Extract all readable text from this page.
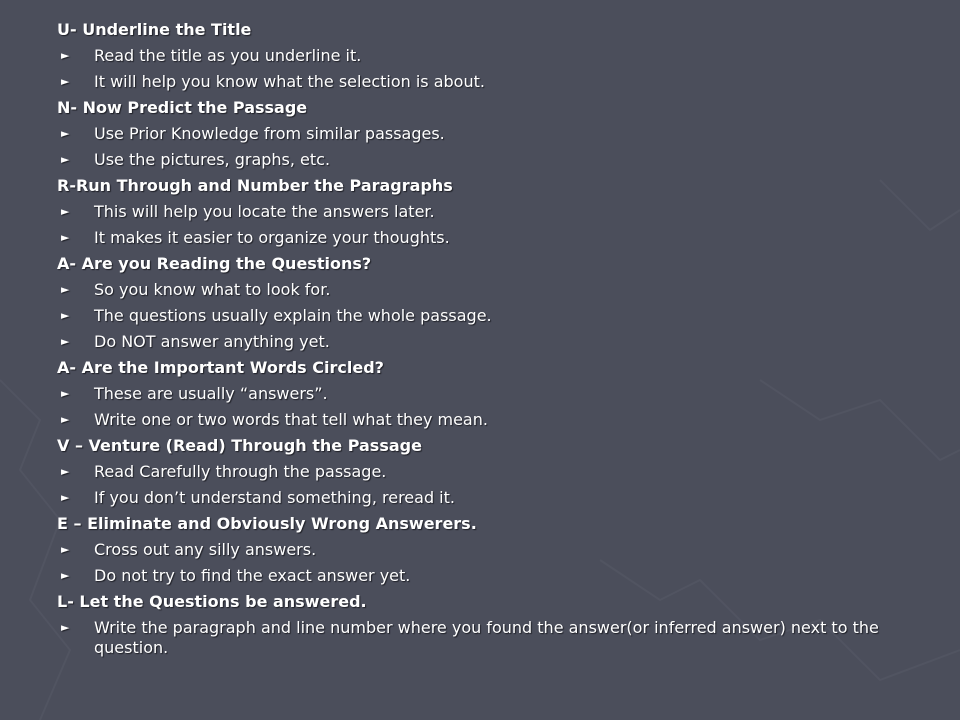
U- Underline the Title
►	Read the title as you underline it.
►	It will help you know what the selection is about.
N- Now Predict the Passage
►	Use Prior Knowledge from similar passages.
►	Use the pictures, graphs, etc.
R-Run Through and Number the Paragraphs
►	This will help you locate the answers later.
►	It makes it easier to organize your thoughts.
A- Are you Reading the Questions?
►	So you know what to look for.
►	The questions usually explain the whole passage.
►	Do NOT answer anything yet.
A- Are the Important Words Circled?
►	These are usually “answers”.
►	Write one or two words that tell what they mean.
V – Venture (Read) Through the Passage
►	Read Carefully through the passage.
►	If you don’t understand something, reread it.
E – Eliminate and Obviously Wrong Answerers.
►	Cross out any silly answers.
►	Do not try to find the exact answer yet.
L- Let the Questions be answered.
►	Write the paragraph and line number where you found the answer(or inferred answer) next to the question.
